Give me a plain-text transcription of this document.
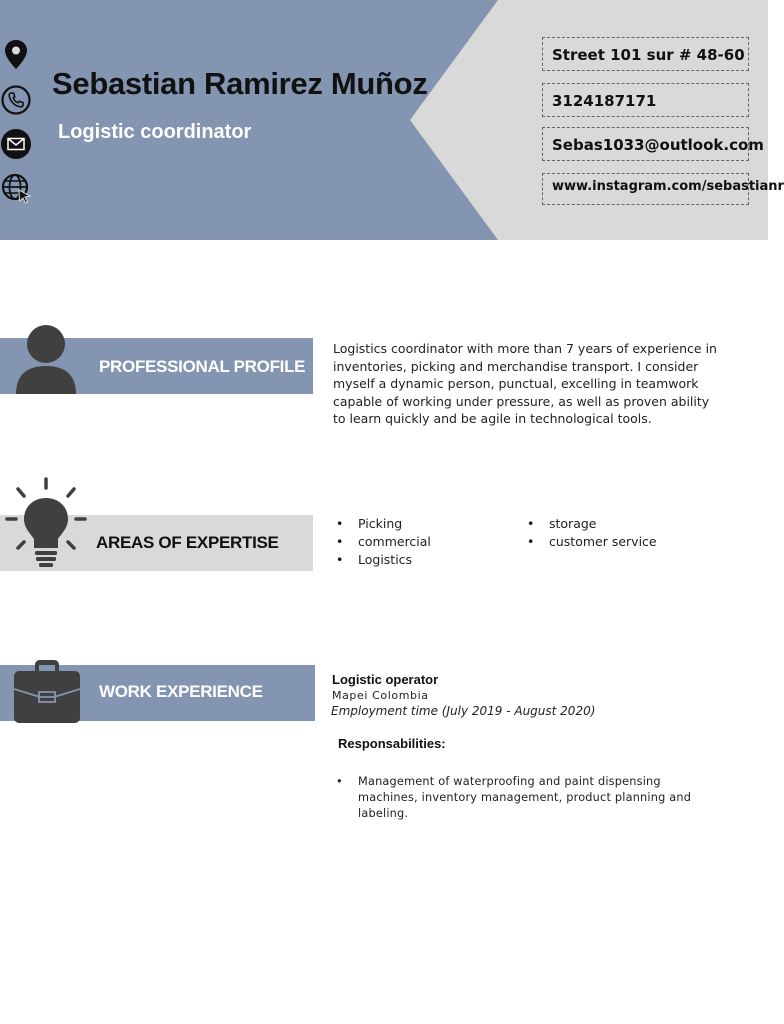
Sebastian Ramirez Muñoz
Logistic coordinator
Street 101 sur # 48-60
3124187171
Sebas1033@outlook.com
www.instagram.com/sebastianr
PROFESSIONAL PROFILE
Logistics coordinator with more than 7 years of experience in inventories, picking and merchandise transport. I consider myself a dynamic person, punctual, excelling in teamwork capable of working under pressure, as well as proven ability to learn quickly and be agile in technological tools.
AREAS OF EXPERTISE
• Picking
• commercial
• Logistics
• storage
• customer service
WORK EXPERIENCE
Logistic operator
Mapei Colombia
Employment time (July 2019 - August 2020)
Responsabilities:
• Management of waterproofing and paint dispensing machines, inventory management, product planning and labeling.
